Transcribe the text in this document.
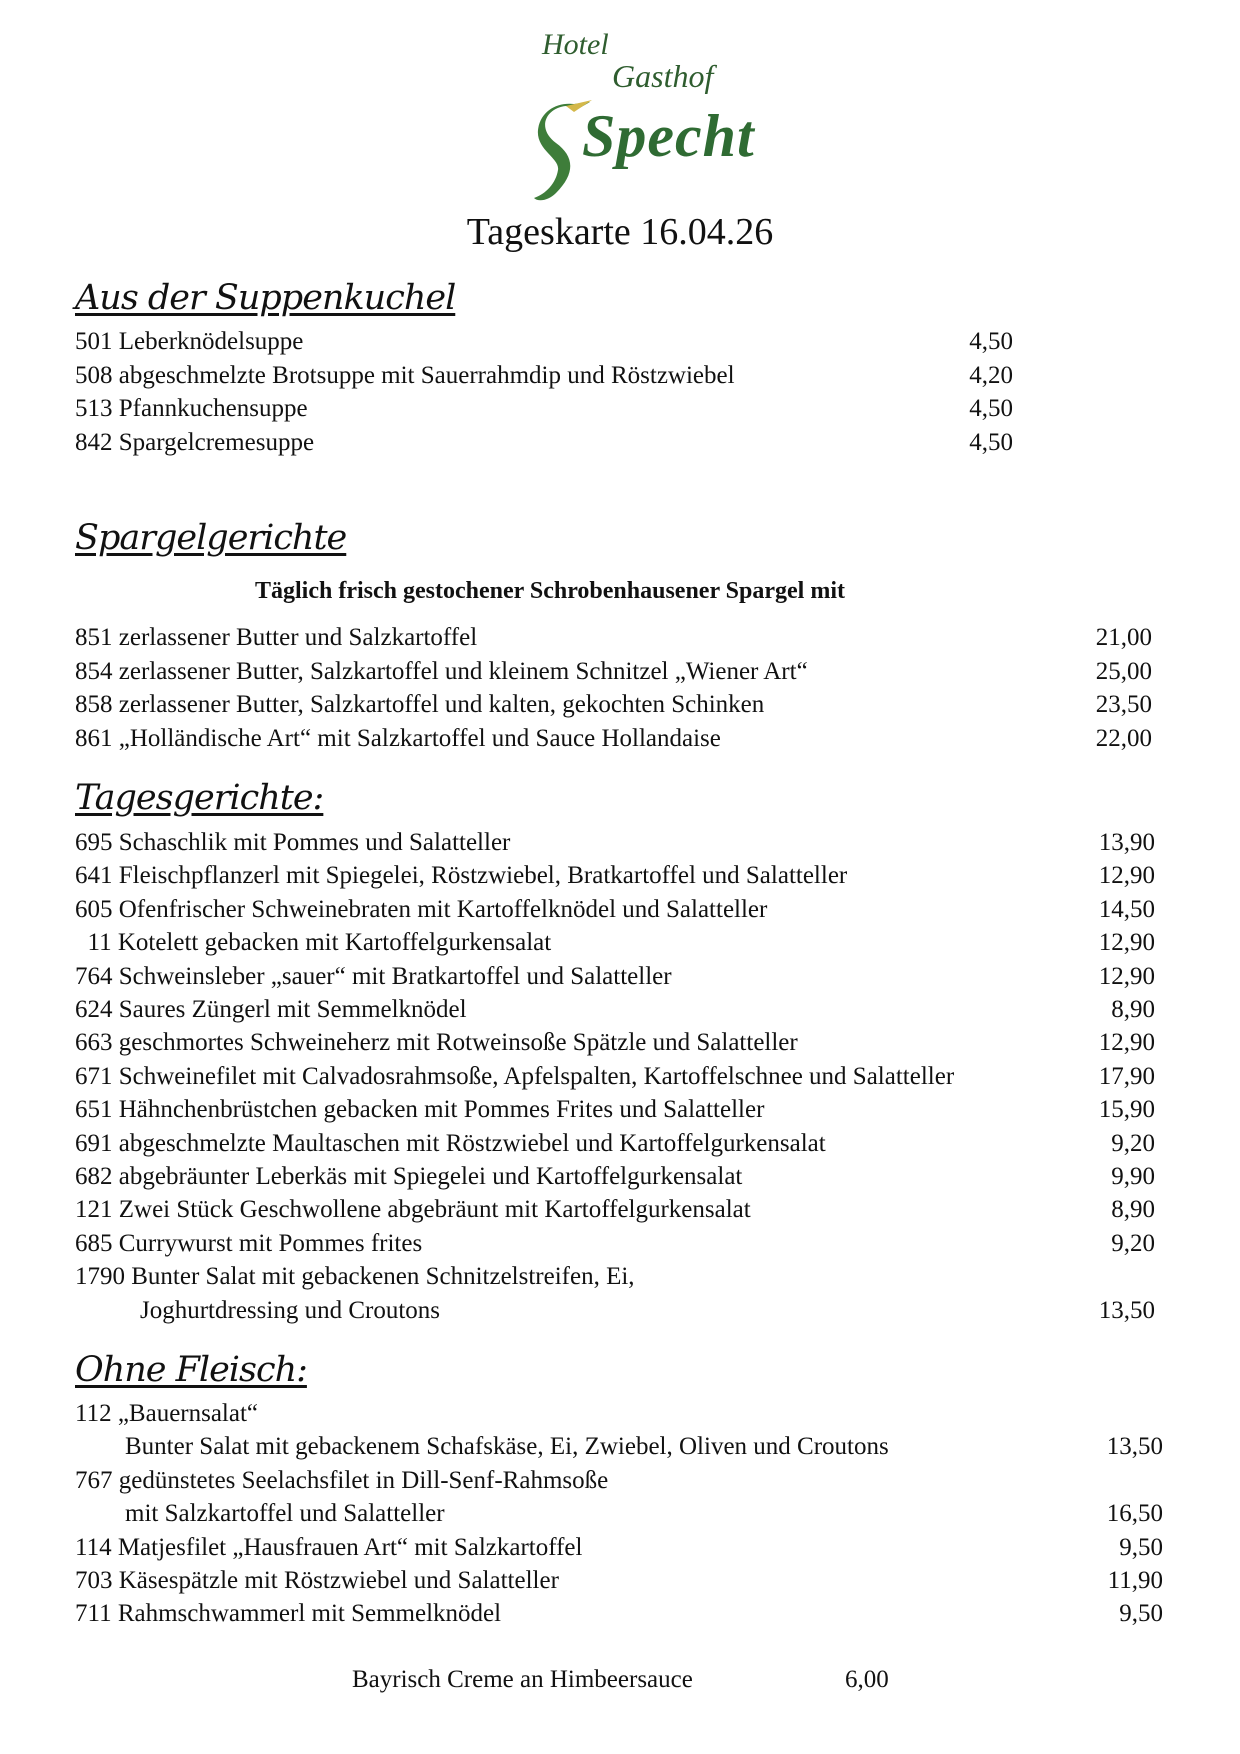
Hotel
Gasthof
Specht
Tageskarte 16.04.26
Aus der Suppenkuchel
501 Leberknödelsuppe	4,50
508 abgeschmelzte Brotsuppe mit Sauerrahmdip und Röstzwiebel	4,20
513 Pfannkuchensuppe	4,50
842 Spargelcremesuppe	4,50
Spargelgerichte
Täglich frisch gestochener Schrobenhausener Spargel mit
851 zerlassener Butter und Salzkartoffel	21,00
854 zerlassener Butter, Salzkartoffel und kleinem Schnitzel „Wiener Art“	25,00
858 zerlassener Butter, Salzkartoffel und kalten, gekochten Schinken	23,50
861 „Holländische Art“ mit Salzkartoffel und Sauce Hollandaise	22,00
Tagesgerichte:
695 Schaschlik mit Pommes und Salatteller	13,90
641 Fleischpflanzerl mit Spiegelei, Röstzwiebel, Bratkartoffel und Salatteller	12,90
605 Ofenfrischer Schweinebraten mit Kartoffelknödel und Salatteller	14,50
11 Kotelett gebacken mit Kartoffelgurkensalat	12,90
764 Schweinsleber „sauer“ mit Bratkartoffel und Salatteller	12,90
624 Saures Züngerl mit Semmelknödel	8,90
663 geschmortes Schweineherz mit Rotweinsoße Spätzle und Salatteller	12,90
671 Schweinefilet mit Calvadosrahmsoße, Apfelspalten, Kartoffelschnee und Salatteller	17,90
651 Hähnchenbrüstchen gebacken mit Pommes Frites und Salatteller	15,90
691 abgeschmelzte Maultaschen mit Röstzwiebel und Kartoffelgurkensalat	9,20
682 abgebräunter Leberkäs mit Spiegelei und Kartoffelgurkensalat	9,90
121 Zwei Stück Geschwollene abgebräunt mit Kartoffelgurkensalat	8,90
685 Currywurst mit Pommes frites	9,20
1790 Bunter Salat mit gebackenen Schnitzelstreifen, Ei,
Joghurtdressing und Croutons	13,50
Ohne Fleisch:
112 „Bauernsalat“
Bunter Salat mit gebackenem Schafskäse, Ei, Zwiebel, Oliven und Croutons	13,50
767 gedünstetes Seelachsfilet in Dill-Senf-Rahmsoße
mit Salzkartoffel und Salatteller	16,50
114 Matjesfilet „Hausfrauen Art“ mit Salzkartoffel	9,50
703 Käsespätzle mit Röstzwiebel und Salatteller	11,90
711 Rahmschwammerl mit Semmelknödel	9,50
Bayrisch Creme an Himbeersauce	6,00
